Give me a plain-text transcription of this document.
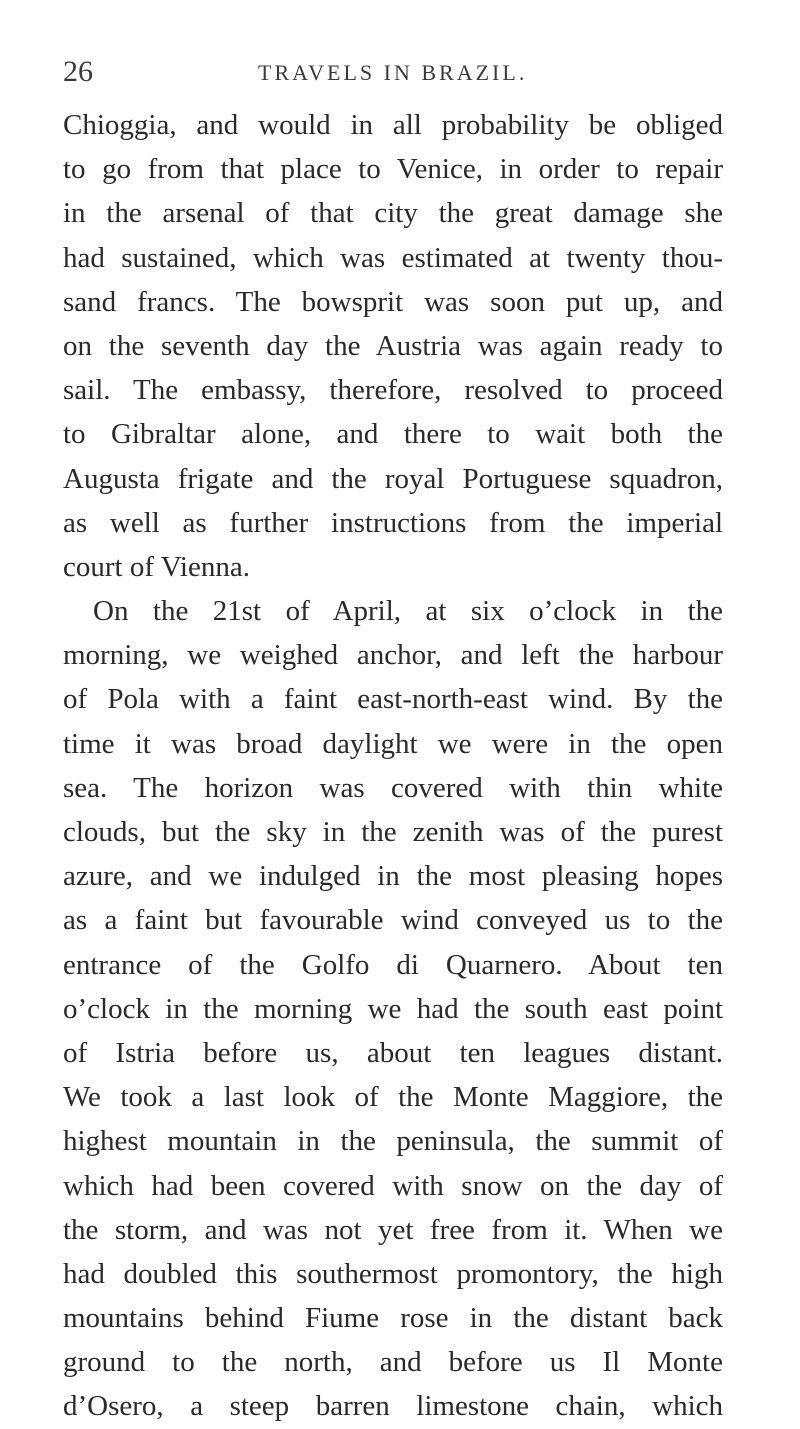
26	TRAVELS IN BRAZIL.
Chioggia, and would in all probability be obliged
to go from that place to Venice, in order to repair
in the arsenal of that city the great damage she
had sustained, which was estimated at twenty thou-
sand francs. The bowsprit was soon put up, and
on the seventh day the Austria was again ready to
sail. The embassy, therefore, resolved to proceed
to Gibraltar alone, and there to wait both the
Augusta frigate and the royal Portuguese squadron,
as well as further instructions from the imperial
court of Vienna.
On the 21st of April, at six o’clock in the
morning, we weighed anchor, and left the harbour
of Pola with a faint east-north-east wind. By the
time it was broad daylight we were in the open
sea. The horizon was covered with thin white
clouds, but the sky in the zenith was of the purest
azure, and we indulged in the most pleasing hopes
as a faint but favourable wind conveyed us to the
entrance of the Golfo di Quarnero. About ten
o’clock in the morning we had the south east point
of Istria before us, about ten leagues distant.
We took a last look of the Monte Maggiore, the
highest mountain in the peninsula, the summit of
which had been covered with snow on the day of
the storm, and was not yet free from it. When we
had doubled this southermost promontory, the high
mountains behind Fiume rose in the distant back
ground to the north, and before us Il Monte
d’Osero, a steep barren limestone chain, which
